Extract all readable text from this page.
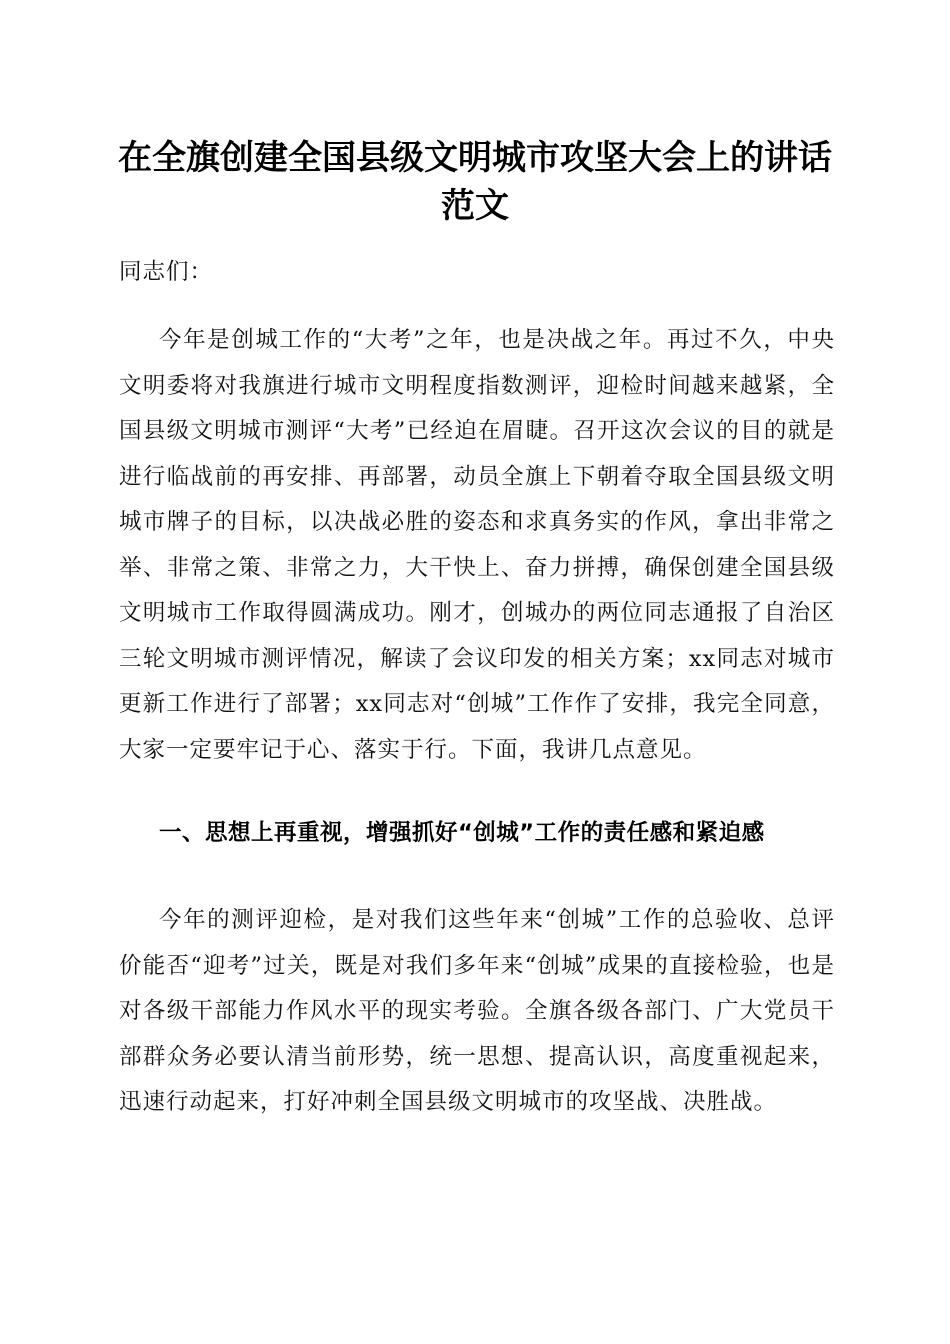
在全旗创建全国县级文明城市攻坚大会上的讲话范文

同志们：

今年是创城工作的“大考”之年，也是决战之年。再过不久，中央文明委将对我旗进行城市文明程度指数测评，迎检时间越来越紧，全国县级文明城市测评“大考”已经迫在眉睫。召开这次会议的目的就是进行临战前的再安排、再部署，动员全旗上下朝着夺取全国县级文明城市牌子的目标，以决战必胜的姿态和求真务实的作风，拿出非常之举、非常之策、非常之力，大干快上、奋力拼搏，确保创建全国县级文明城市工作取得圆满成功。刚才，创城办的两位同志通报了自治区三轮文明城市测评情况，解读了会议印发的相关方案；xx同志对城市更新工作进行了部署；xx同志对“创城”工作作了安排，我完全同意，大家一定要牢记于心、落实于行。下面，我讲几点意见。

一、思想上再重视，增强抓好“创城”工作的责任感和紧迫感

今年的测评迎检，是对我们这些年来“创城”工作的总验收、总评价能否“迎考”过关，既是对我们多年来“创城”成果的直接检验，也是对各级干部能力作风水平的现实考验。全旗各级各部门、广大党员干部群众务必要认清当前形势，统一思想、提高认识，高度重视起来，迅速行动起来，打好冲刺全国县级文明城市的攻坚战、决胜战。
